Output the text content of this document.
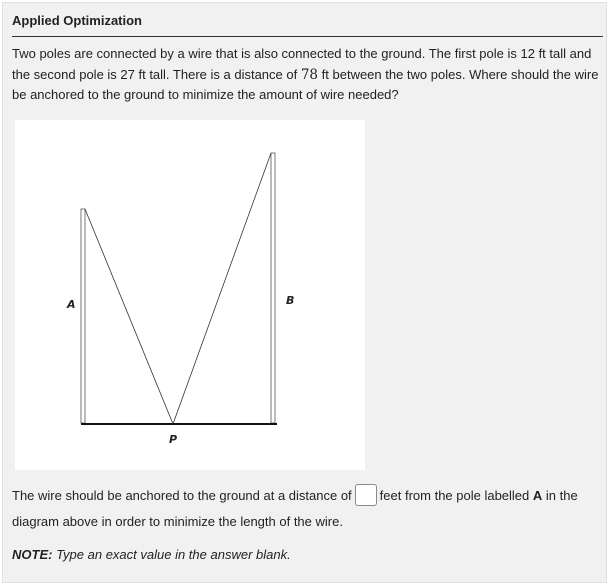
Applied Optimization
Two poles are connected by a wire that is also connected to the ground. The first pole is 12 ft tall and the second pole is 27 ft tall. There is a distance of 78 ft between the two poles. Where should the wire be anchored to the ground to minimize the amount of wire needed?
A	B
P
The wire should be anchored to the ground at a distance of feet from the pole labelled A in the diagram above in order to minimize the length of the wire.
NOTE: Type an exact value in the answer blank.
